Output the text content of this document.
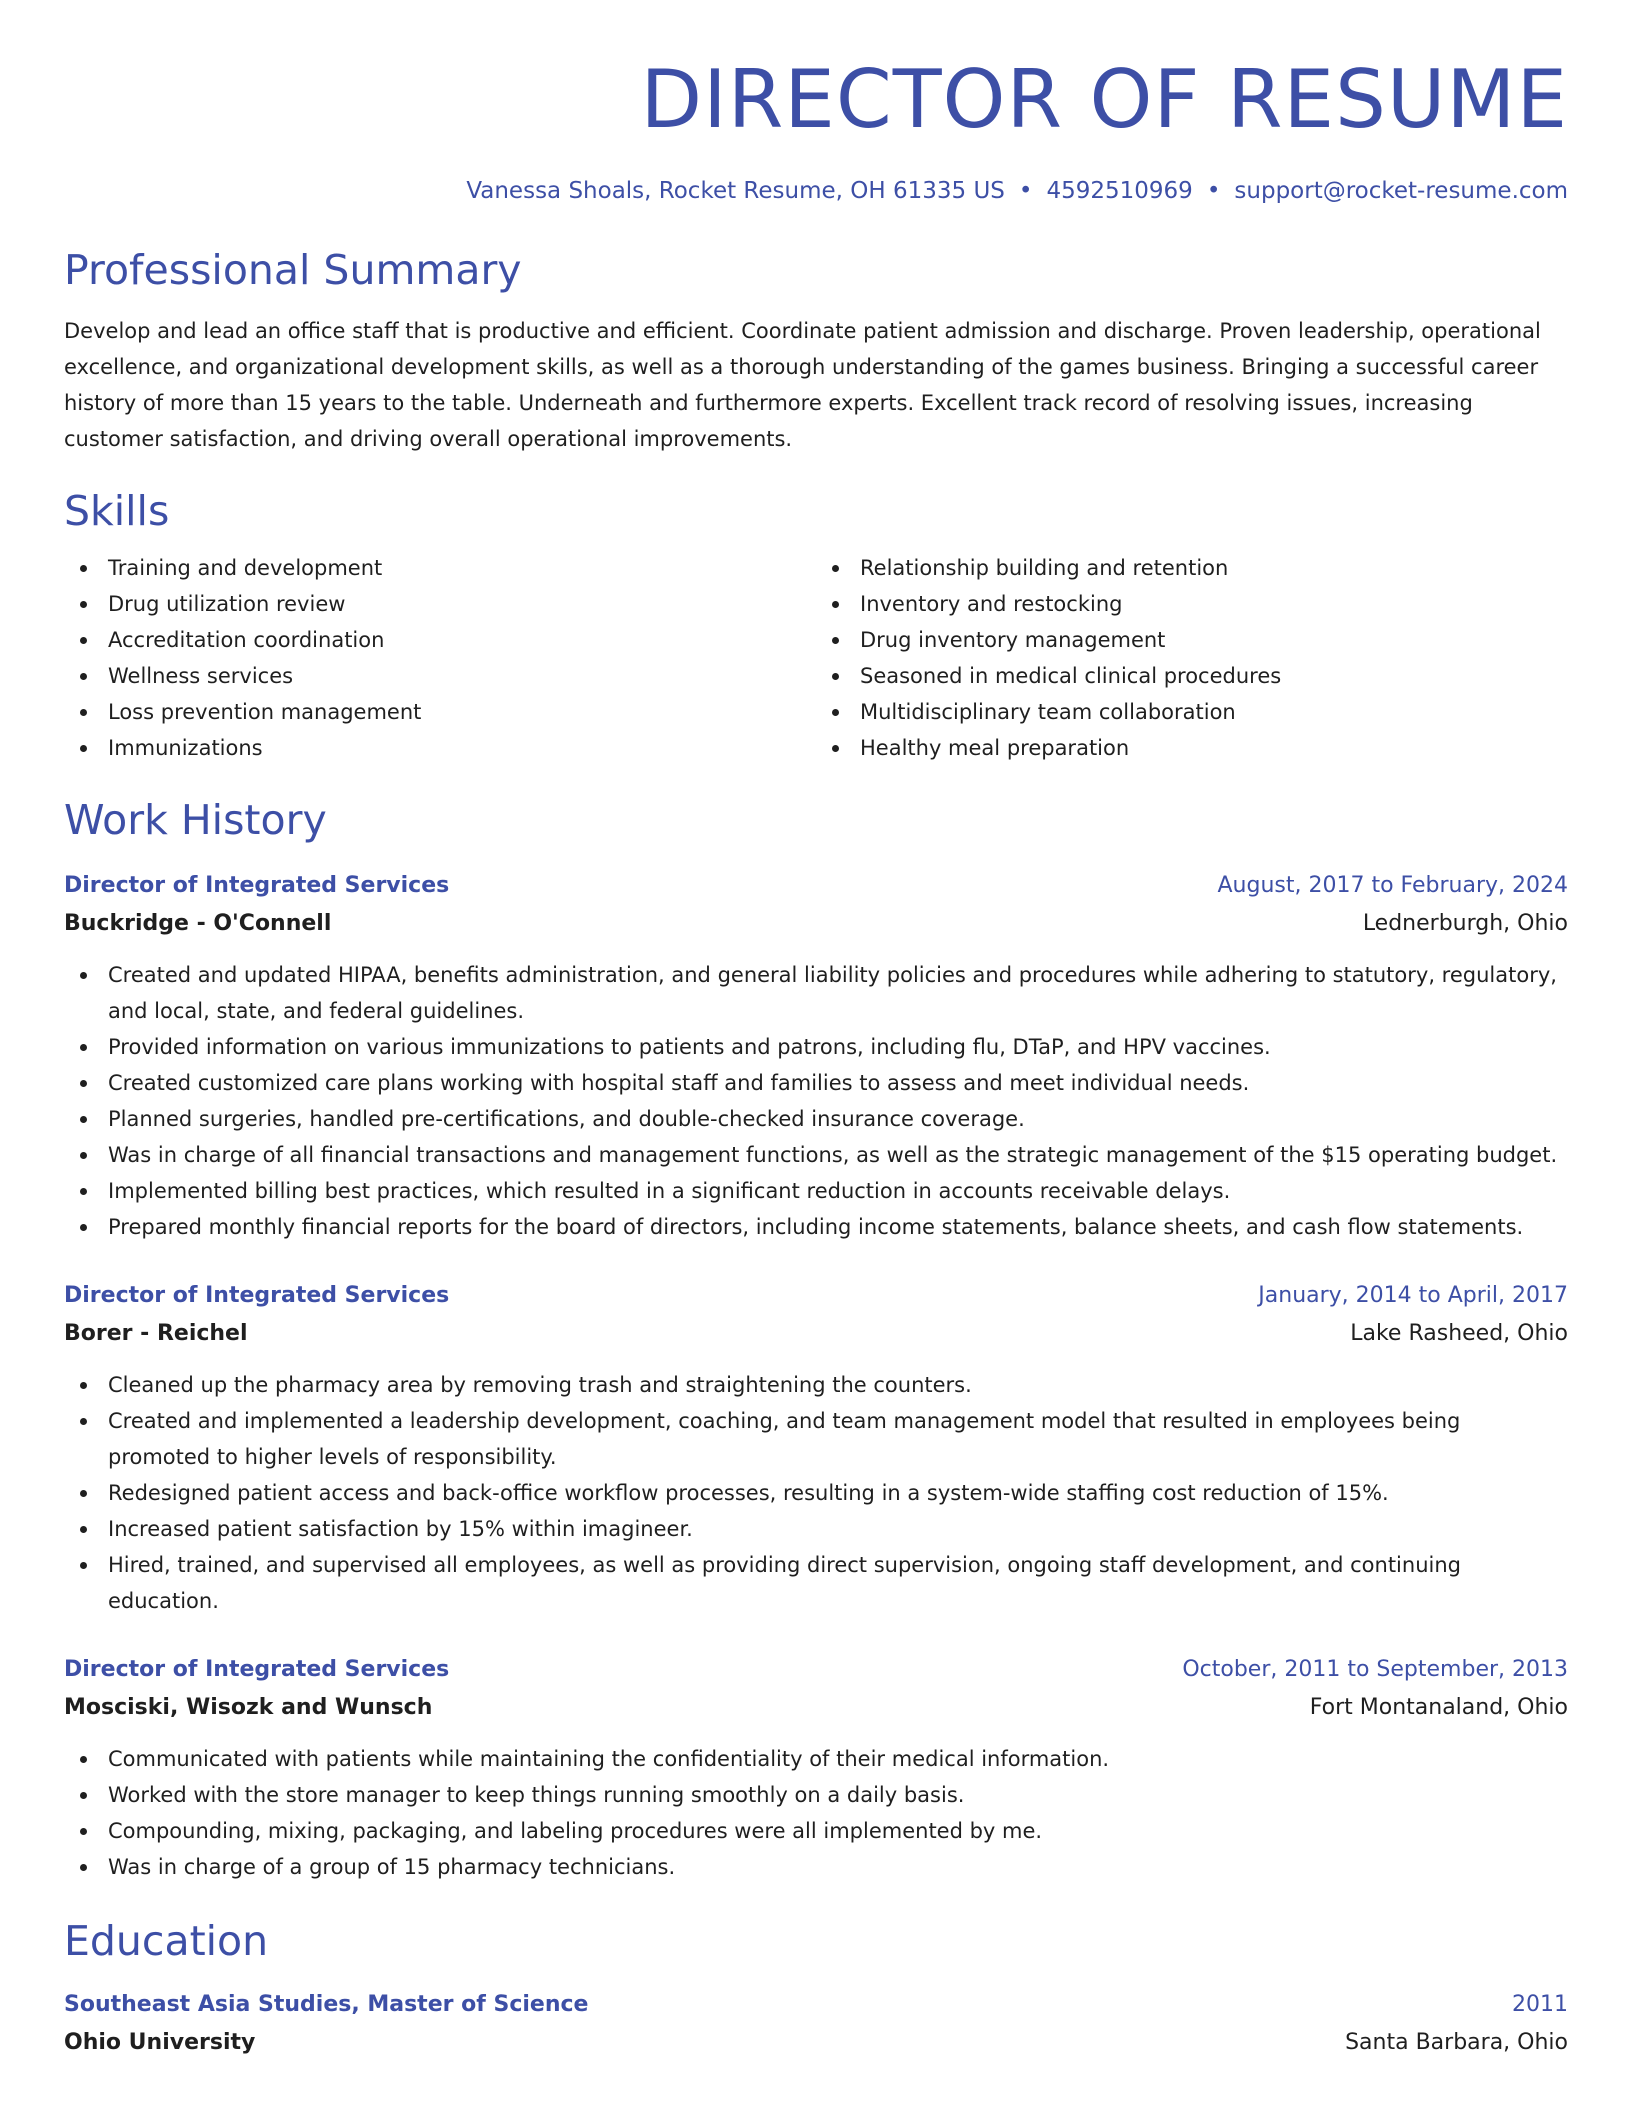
DIRECTOR OF RESUME
Vanessa Shoals, Rocket Resume, OH 61335 US • 4592510969 • support@rocket-resume.com
Professional Summary

Develop and lead an office staff that is productive and efficient. Coordinate patient admission and discharge. Proven leadership, operational excellence, and organizational development skills, as well as a thorough understanding of the games business. Bringing a successful career history of more than 15 years to the table. Underneath and furthermore experts. Excellent track record of resolving issues, increasing customer satisfaction, and driving overall operational improvements.

Skills
Training and development
Drug utilization review
Accreditation coordination
Wellness services
Loss prevention management
Immunizations
Relationship building and retention
Inventory and restocking
Drug inventory management
Seasoned in medical clinical procedures
Multidisciplinary team collaboration
Healthy meal preparation
Work History
Director of Integrated Services	August, 2017 to February, 2024
Buckridge - O'Connell	Lednerburgh, Ohio
Created and updated HIPAA, benefits administration, and general liability policies and procedures while adhering to statutory, regulatory, and local, state, and federal guidelines.
Provided information on various immunizations to patients and patrons, including flu, DTaP, and HPV vaccines.
Created customized care plans working with hospital staff and families to assess and meet individual needs.
Planned surgeries, handled pre-certifications, and double-checked insurance coverage.
Was in charge of all financial transactions and management functions, as well as the strategic management of the $15 operating budget.
Implemented billing best practices, which resulted in a significant reduction in accounts receivable delays.
Prepared monthly financial reports for the board of directors, including income statements, balance sheets, and cash flow statements.
Director of Integrated Services	January, 2014 to April, 2017
Borer - Reichel	Lake Rasheed, Ohio
Cleaned up the pharmacy area by removing trash and straightening the counters.
Created and implemented a leadership development, coaching, and team management model that resulted in employees being promoted to higher levels of responsibility.
Redesigned patient access and back-office workflow processes, resulting in a system-wide staffing cost reduction of 15%.
Increased patient satisfaction by 15% within imagineer.
Hired, trained, and supervised all employees, as well as providing direct supervision, ongoing staff development, and continuing education.
Director of Integrated Services	October, 2011 to September, 2013
Mosciski, Wisozk and Wunsch	Fort Montanaland, Ohio
Communicated with patients while maintaining the confidentiality of their medical information.
Worked with the store manager to keep things running smoothly on a daily basis.
Compounding, mixing, packaging, and labeling procedures were all implemented by me.
Was in charge of a group of 15 pharmacy technicians.
Education
Southeast Asia Studies, Master of Science	2011
Ohio University	Santa Barbara, Ohio
